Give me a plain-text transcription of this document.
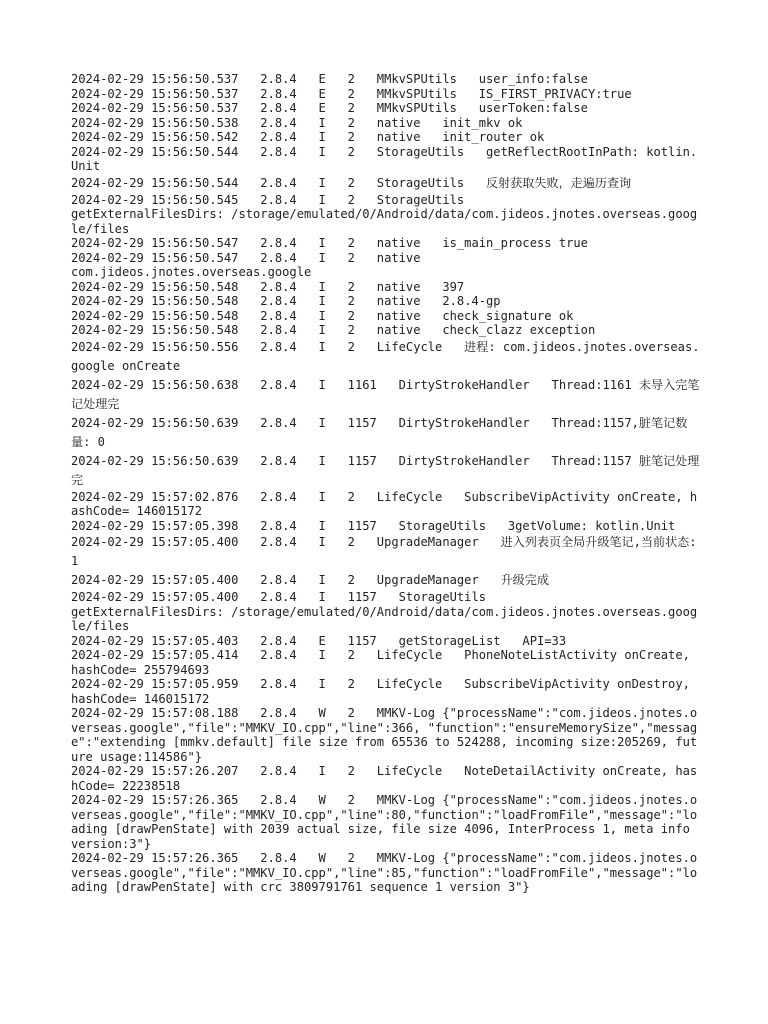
2024-02-29 15:56:50.537   2.8.4   E   2   MMkvSPUtils   user_info:false
2024-02-29 15:56:50.537   2.8.4   E   2   MMkvSPUtils   IS_FIRST_PRIVACY:true
2024-02-29 15:56:50.537   2.8.4   E   2   MMkvSPUtils   userToken:false
2024-02-29 15:56:50.538   2.8.4   I   2   native   init_mkv ok
2024-02-29 15:56:50.542   2.8.4   I   2   native   init_router ok
2024-02-29 15:56:50.544   2.8.4   I   2   StorageUtils   getReflectRootInPath: kotlin.Unit
2024-02-29 15:56:50.544   2.8.4   I   2   StorageUtils   反射获取失败，走遍历查询
2024-02-29 15:56:50.545   2.8.4   I   2   StorageUtils
getExternalFilesDirs: /storage/emulated/0/Android/data/com.jideos.jnotes.overseas.google/files
2024-02-29 15:56:50.547   2.8.4   I   2   native   is_main_process true
2024-02-29 15:56:50.547   2.8.4   I   2   native
com.jideos.jnotes.overseas.google
2024-02-29 15:56:50.548   2.8.4   I   2   native   397
2024-02-29 15:56:50.548   2.8.4   I   2   native   2.8.4-gp
2024-02-29 15:56:50.548   2.8.4   I   2   native   check_signature ok
2024-02-29 15:56:50.548   2.8.4   I   2   native   check_clazz exception
2024-02-29 15:56:50.556   2.8.4   I   2   LifeCycle   进程: com.jideos.jnotes.overseas.google onCreate
2024-02-29 15:56:50.638   2.8.4   I   1161   DirtyStrokeHandler   Thread:1161 未导入完笔记处理完
2024-02-29 15:56:50.639   2.8.4   I   1157   DirtyStrokeHandler   Thread:1157,脏笔记数量: 0
2024-02-29 15:56:50.639   2.8.4   I   1157   DirtyStrokeHandler   Thread:1157 脏笔记处理完
2024-02-29 15:57:02.876   2.8.4   I   2   LifeCycle   SubscribeVipActivity onCreate, hashCode= 146015172
2024-02-29 15:57:05.398   2.8.4   I   1157   StorageUtils   3getVolume: kotlin.Unit
2024-02-29 15:57:05.400   2.8.4   I   2   UpgradeManager   进入列表页全局升级笔记,当前状态: 1
2024-02-29 15:57:05.400   2.8.4   I   2   UpgradeManager   升级完成
2024-02-29 15:57:05.400   2.8.4   I   1157   StorageUtils
getExternalFilesDirs: /storage/emulated/0/Android/data/com.jideos.jnotes.overseas.google/files
2024-02-29 15:57:05.403   2.8.4   E   1157   getStorageList   API=33
2024-02-29 15:57:05.414   2.8.4   I   2   LifeCycle   PhoneNoteListActivity onCreate, hashCode= 255794693
2024-02-29 15:57:05.959   2.8.4   I   2   LifeCycle   SubscribeVipActivity onDestroy, hashCode= 146015172
2024-02-29 15:57:08.188   2.8.4   W   2   MMKV-Log {"processName":"com.jideos.jnotes.overseas.google","file":"MMKV_IO.cpp","line":366, "function":"ensureMemorySize","message":"extending [mmkv.default] file size from 65536 to 524288, incoming size:205269, future usage:114586"}
2024-02-29 15:57:26.207   2.8.4   I   2   LifeCycle   NoteDetailActivity onCreate, hashCode= 22238518
2024-02-29 15:57:26.365   2.8.4   W   2   MMKV-Log {"processName":"com.jideos.jnotes.overseas.google","file":"MMKV_IO.cpp","line":80,"function":"loadFromFile","message":"loading [drawPenState] with 2039 actual size, file size 4096, InterProcess 1, meta info version:3"}
2024-02-29 15:57:26.365   2.8.4   W   2   MMKV-Log {"processName":"com.jideos.jnotes.overseas.google","file":"MMKV_IO.cpp","line":85,"function":"loadFromFile","message":"loading [drawPenState] with crc 3809791761 sequence 1 version 3"}
